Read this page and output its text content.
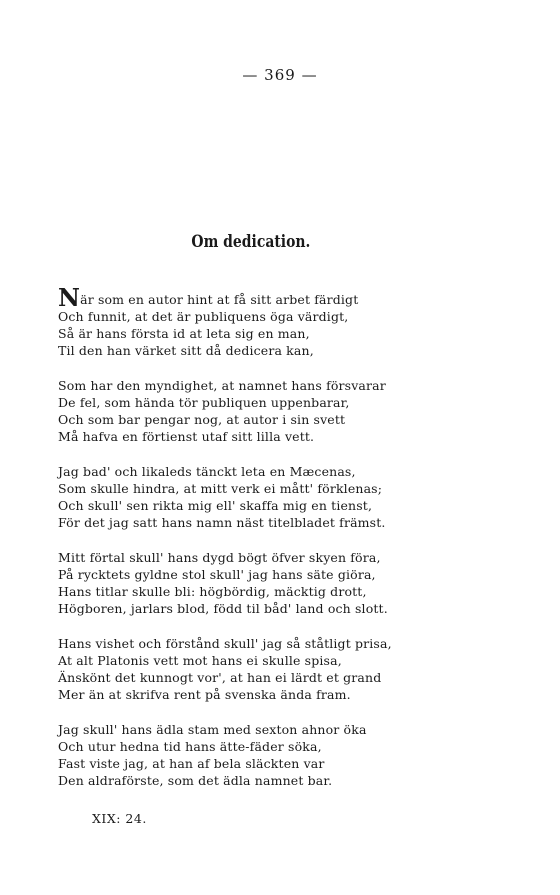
— 369 —
Om dedication.
När som en autor hint at få sitt arbet färdigt
Och funnit, at det är publiquens öga värdigt,
Så är hans första id at leta sig en man,
Til den han värket sitt då dedicera kan,
Som har den myndighet, at namnet hans försvarar
De fel, som hända tör publiquen uppenbarar,
Och som bar pengar nog, at autor i sin svett
Må hafva en förtienst utaf sitt lilla vett.
Jag bad' och likaleds tänckt leta en Mæcenas,
Som skulle hindra, at mitt verk ei mått' förklenas;
Och skull' sen rikta mig ell' skaffa mig en tienst,
För det jag satt hans namn näst titelbladet främst.
Mitt förtal skull' hans dygd bögt öfver skyen föra,
På rycktets gyldne stol skull' jag hans säte giöra,
Hans titlar skulle bli: högbördig, mäcktig drott,
Högboren, jarlars blod, född til båd' land och slott.
Hans vishet och förstånd skull' jag så ståtligt prisa,
At alt Platonis vett mot hans ei skulle spisa,
Änskönt det kunnogt vor', at han ei lärdt et grand
Mer än at skrifva rent på svenska ända fram.
Jag skull' hans ädla stam med sexton ahnor öka
Och utur hedna tid hans ätte-fäder söka,
Fast viste jag, at han af bela släckten var
Den aldraförste, som det ädla namnet bar.
XIX: 24.
